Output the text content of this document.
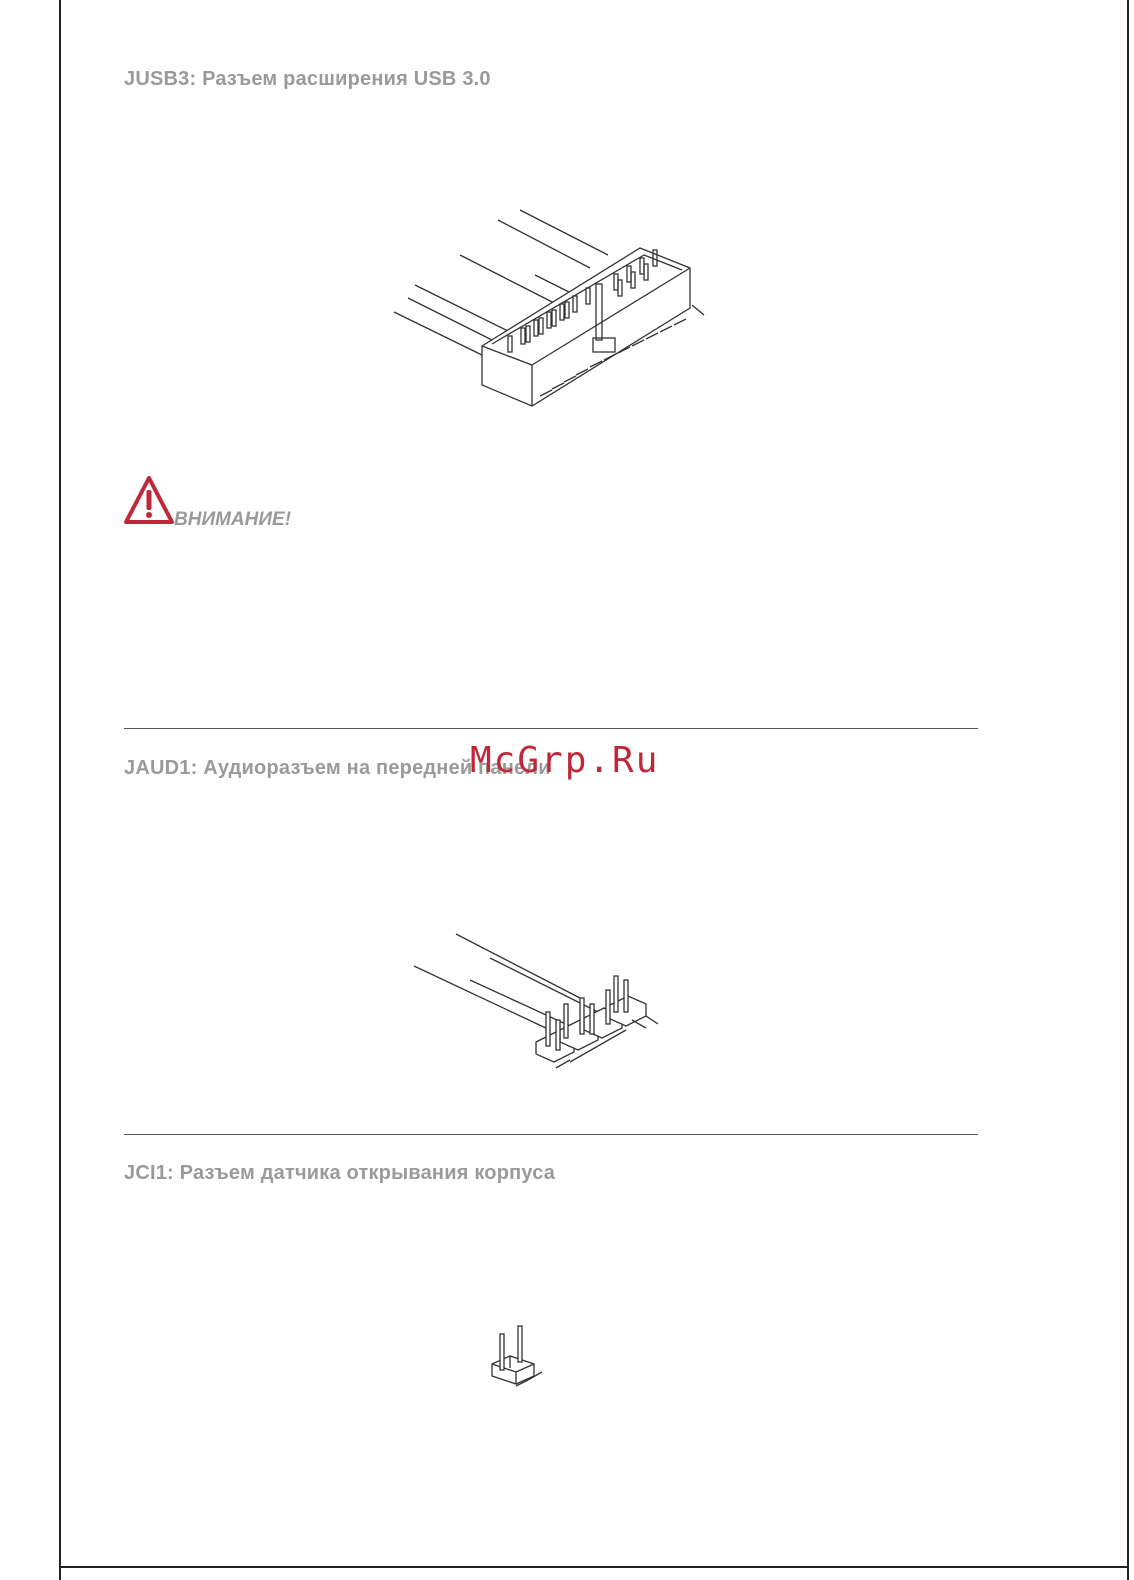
JUSB3: Разъем расширения USB 3.0
ВНИМАНИЕ!
JAUD1: Аудиоразъем на передней панели
McGrp.Ru
JCI1: Разъем датчика открывания корпуса
